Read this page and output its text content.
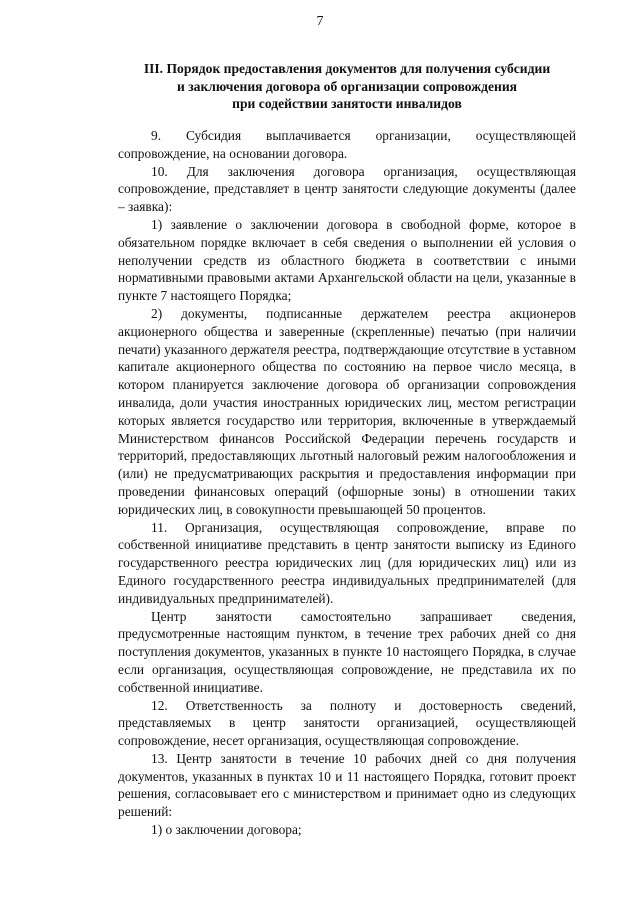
7
III. Порядок предоставления документов для получения субсидии
и заключения договора об организации сопровождения
при содействии занятости инвалидов

9. Субсидия выплачивается организации, осуществляющей сопровождение, на основании договора.

10. Для заключения договора организация, осуществляющая сопровождение, представляет в центр занятости следующие документы (далее – заявка):

1) заявление о заключении договора в свободной форме, которое в обязательном порядке включает в себя сведения о выполнении ей условия о неполучении средств из областного бюджета в соответствии с иными нормативными правовыми актами Архангельской области на цели, указанные в пункте 7 настоящего Порядка;

2) документы, подписанные держателем реестра акционеров акционерного общества и заверенные (скрепленные) печатью (при наличии печати) указанного держателя реестра, подтверждающие отсутствие в уставном капитале акционерного общества по состоянию на первое число месяца, в котором планируется заключение договора об организации сопровождения инвалида, доли участия иностранных юридических лиц, местом регистрации которых является государство или территория, включенные в утверждаемый Министерством финансов Российской Федерации перечень государств и территорий, предоставляющих льготный налоговый режим налогообложения и (или) не предусматривающих раскрытия и предоставления информации при проведении финансовых операций (офшорные зоны) в отношении таких юридических лиц, в совокупности превышающей 50 процентов.

11. Организация, осуществляющая сопровождение, вправе по собственной инициативе представить в центр занятости выписку из Единого государственного реестра юридических лиц (для юридических лиц) или из Единого государственного реестра индивидуальных предпринимателей (для индивидуальных предпринимателей).

Центр занятости самостоятельно запрашивает сведения, предусмотренные настоящим пунктом, в течение трех рабочих дней со дня поступления документов, указанных в пункте 10 настоящего Порядка, в случае если организация, осуществляющая сопровождение, не представила их по собственной инициативе.

12. Ответственность за полноту и достоверность сведений, представляемых в центр занятости организацией, осуществляющей сопровождение, несет организация, осуществляющая сопровождение.

13. Центр занятости в течение 10 рабочих дней со дня получения документов, указанных в пунктах 10 и 11 настоящего Порядка, готовит проект решения, согласовывает его с министерством и принимает одно из следующих решений:

1) о заключении договора;
